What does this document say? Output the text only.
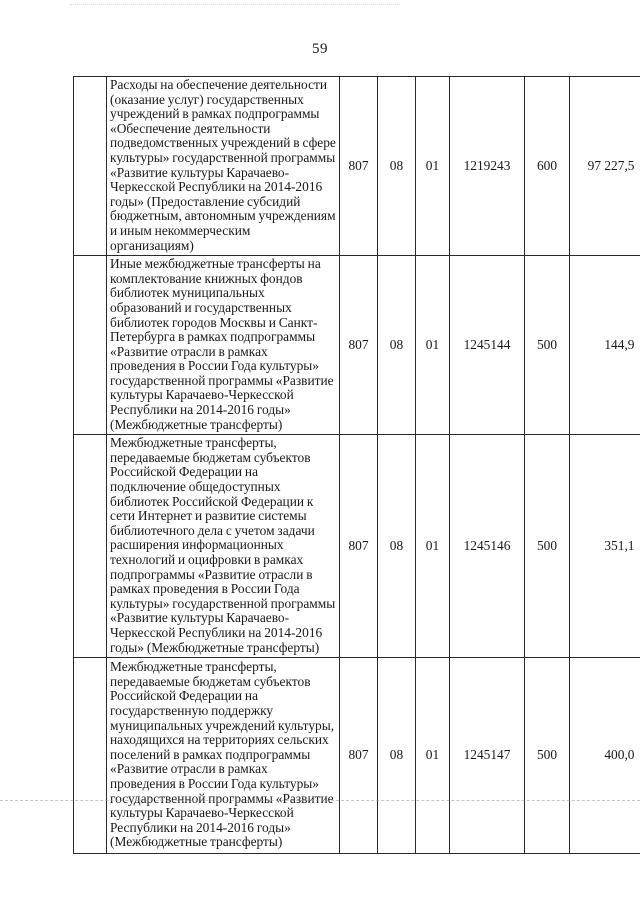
59
	Расходы на обеспечение деятельности (оказание услуг) государственных учреждений в рамках подпрограммы «Обеспечение деятельности подведомственных учреждений в сфере культуры» государственной программы «Развитие культуры Карачаево-Черкесской Республики на 2014-2016 годы» (Предоставление субсидий бюджетным, автономным учреждениям и иным некоммерческим организациям)	807	08	01	1219243	600	97 227,5
	Иные межбюджетные трансферты на комплектование книжных фондов библиотек муниципальных образований и государственных библиотек городов Москвы и Санкт-Петербурга в рамках подпрограммы «Развитие отрасли в рамках проведения в России Года культуры» государственной программы «Развитие культуры Карачаево-Черкесской Республики на 2014-2016 годы» (Межбюджетные трансферты)	807	08	01	1245144	500	144,9
	Межбюджетные трансферты, передаваемые бюджетам субъектов Российской Федерации на подключение общедоступных библиотек Российской Федерации к сети Интернет и развитие системы библиотечного дела с учетом задачи расширения информационных технологий и оцифровки в рамках подпрограммы «Развитие отрасли в рамках проведения в России Года культуры» государственной программы «Развитие культуры Карачаево-Черкесской Республики на 2014-2016 годы» (Межбюджетные трансферты)	807	08	01	1245146	500	351,1
	Межбюджетные трансферты, передаваемые бюджетам субъектов Российской Федерации на государственную поддержку муниципальных учреждений культуры, находящихся на территориях сельских поселений в рамках подпрограммы «Развитие отрасли в рамках проведения в России Года культуры» государственной программы «Развитие культуры Карачаево-Черкесской Республики на 2014-2016 годы» (Межбюджетные трансферты)	807	08	01	1245147	500	400,0
